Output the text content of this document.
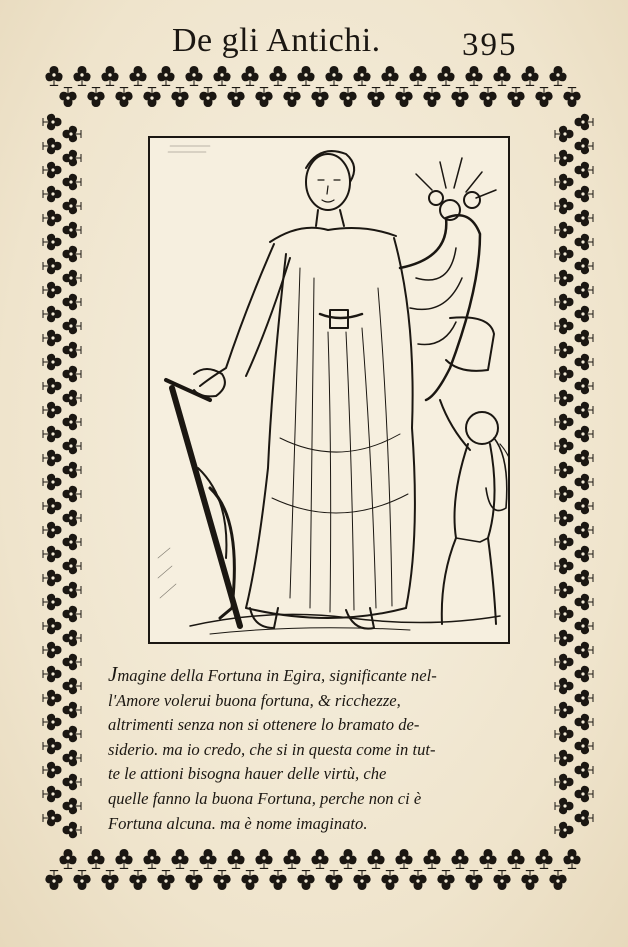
De gli Antichi. 395
Jmagine della Fortuna in Egira, significante nel-
l'Amore volerui buona fortuna, & ricchezze,
altrimenti senza non si ottenere lo bramato de-
siderio. ma io credo, che si in questa come in tut-
te le attioni bisogna hauer delle virtù, che
quelle fanno la buona Fortuna, perche non ci è
Fortuna alcuna. ma è nome imaginato.
